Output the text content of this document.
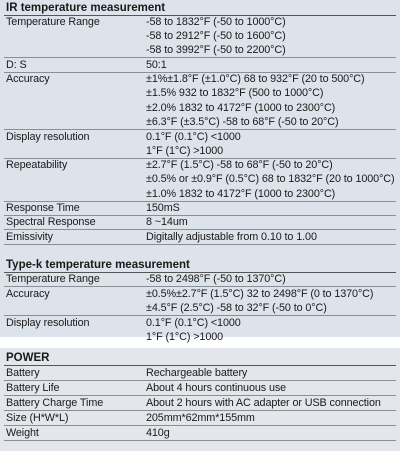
IR temperature measurement
Temperature Range	-58 to 1832°F (-50 to 1000°C)
-58 to 2912°F (-50 to 1600°C)
-58 to 3992°F (-50 to 2200°C)
D: S	50:1
Accuracy	±1%±1.8°F (±1.0°C) 68 to 932°F (20 to 500°C)
±1.5% 932 to 1832°F (500 to 1000°C)
±2.0% 1832 to 4172°F (1000 to 2300°C)
±6.3°F (±3.5°C) -58 to 68°F (-50 to 20°C)
Display resolution	0.1°F (0.1°C) <1000
1°F (1°C) >1000
Repeatability	±2.7°F (1.5°C) -58 to 68°F (-50 to 20°C)
±0.5% or ±0.9°F (0.5°C) 68 to 1832°F (20 to 1000°C)
±1.0% 1832 to 4172°F (1000 to 2300°C)
Response Time	150mS
Spectral Response	8 ~14um
Emissivity	Digitally adjustable from 0.10 to 1.00
Type-k temperature measurement
Temperature Range	-58 to 2498°F (-50 to 1370°C)
Accuracy	±0.5%±2.7°F (1.5°C) 32 to 2498°F (0 to 1370°C)
±4.5°F (2.5°C) -58 to 32°F (-50 to 0°C)
Display resolution	0.1°F (0.1°C) <1000
1°F (1°C) >1000
POWER
Battery	Rechargeable battery
Battery Life	About 4 hours continuous use
Battery Charge Time	About 2 hours with AC adapter or USB connection
Size (H*W*L)	205mm*62mm*155mm
Weight	410g
